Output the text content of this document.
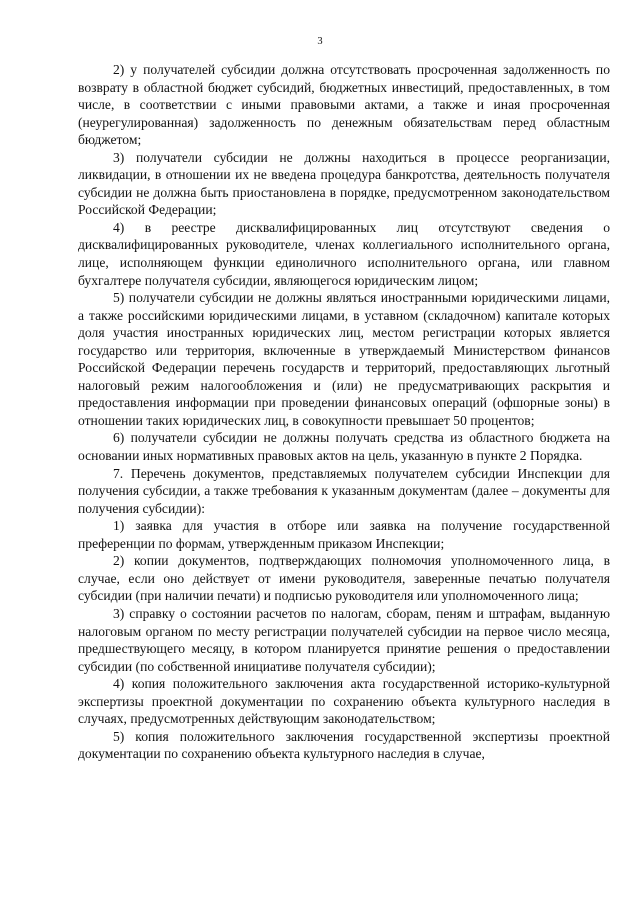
3

2) у получателей субсидии должна отсутствовать просроченная задолженность по возврату в областной бюджет субсидий, бюджетных инвестиций, предоставленных, в том числе, в соответствии с иными правовыми актами, а также и иная просроченная (неурегулированная) задолженность по денежным обязательствам перед областным бюджетом;

3) получатели субсидии не должны находиться в процессе реорганизации, ликвидации, в отношении их не введена процедура банкротства, деятельность получателя субсидии не должна быть приостановлена в порядке, предусмотренном законодательством Российской Федерации;

4) в реестре дисквалифицированных лиц отсутствуют сведения о дисквалифицированных руководителе, членах коллегиального исполнительного органа, лице, исполняющем функции единоличного исполнительного органа, или главном бухгалтере получателя субсидии, являющегося юридическим лицом;

5) получатели субсидии не должны являться иностранными юридическими лицами, а также российскими юридическими лицами, в уставном (складочном) капитале которых доля участия иностранных юридических лиц, местом регистрации которых является государство или территория, включенные в утверждаемый Министерством финансов Российской Федерации перечень государств и территорий, предоставляющих льготный налоговый режим налогообложения и (или) не предусматривающих раскрытия и предоставления информации при проведении финансовых операций (офшорные зоны) в отношении таких юридических лиц, в совокупности превышает 50 процентов;

6) получатели субсидии не должны получать средства из областного бюджета на основании иных нормативных правовых актов на цель, указанную в пункте 2 Порядка.

7. Перечень документов, представляемых получателем субсидии Инспекции для получения субсидии, а также требования к указанным документам (далее – документы для получения субсидии):

1) заявка для участия в отборе или заявка на получение государственной преференции по формам, утвержденным приказом Инспекции;

2) копии документов, подтверждающих полномочия уполномоченного лица, в случае, если оно действует от имени руководителя, заверенные печатью получателя субсидии (при наличии печати) и подписью руководителя или уполномоченного лица;

3) справку о состоянии расчетов по налогам, сборам, пеням и штрафам, выданную налоговым органом по месту регистрации получателей субсидии на первое число месяца, предшествующего месяцу, в котором планируется принятие решения о предоставлении субсидии (по собственной инициативе получателя субсидии);

4) копия положительного заключения акта государственной историко-культурной экспертизы проектной документации по сохранению объекта культурного наследия в случаях, предусмотренных действующим законодательством;

5) копия положительного заключения государственной экспертизы проектной документации по сохранению объекта культурного наследия в случае,
